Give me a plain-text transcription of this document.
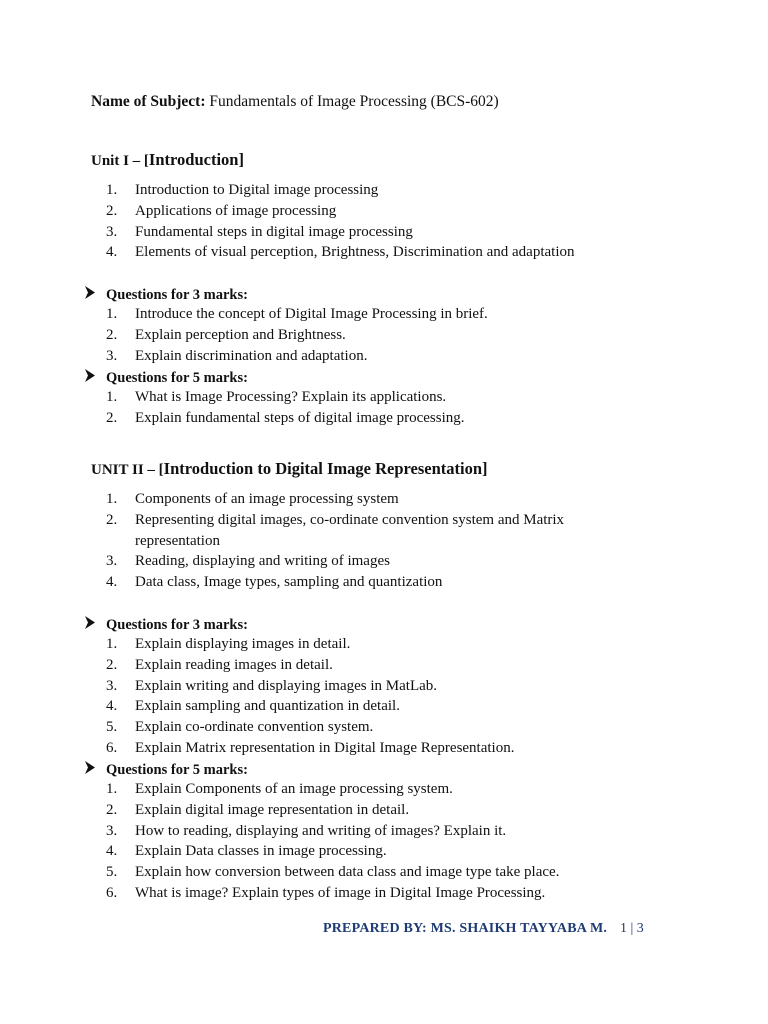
Name of Subject: Fundamentals of Image Processing (BCS-602)
Unit I – [Introduction]
1.	Introduction to Digital image processing
2.	Applications of image processing
3.	Fundamental steps in digital image processing
4.	Elements of visual perception, Brightness, Discrimination and adaptation
Questions for 3 marks:
1.	Introduce the concept of Digital Image Processing in brief.
2.	Explain perception and Brightness.
3.	Explain discrimination and adaptation.
Questions for 5 marks:
1.	What is Image Processing? Explain its applications.
2.	Explain fundamental steps of digital image processing.
UNIT II – [Introduction to Digital Image Representation]
1.	Components of an image processing system
2.	Representing digital images, co-ordinate convention system and Matrix representation
3.	Reading, displaying and writing of images
4.	Data class, Image types, sampling and quantization
Questions for 3 marks:
1.	Explain displaying images in detail.
2.	Explain reading images in detail.
3.	Explain writing and displaying images in MatLab.
4.	Explain sampling and quantization in detail.
5.	Explain co-ordinate convention system.
6.	Explain Matrix representation in Digital Image Representation.
Questions for 5 marks:
1.	Explain Components of an image processing system.
2.	Explain digital image representation in detail.
3.	How to reading, displaying and writing of images? Explain it.
4.	Explain Data classes in image processing.
5.	Explain how conversion between data class and image type take place.
6.	What is image? Explain types of image in Digital Image Processing.
PREPARED BY: MS. SHAIKH TAYYABA M. 1 | 3
